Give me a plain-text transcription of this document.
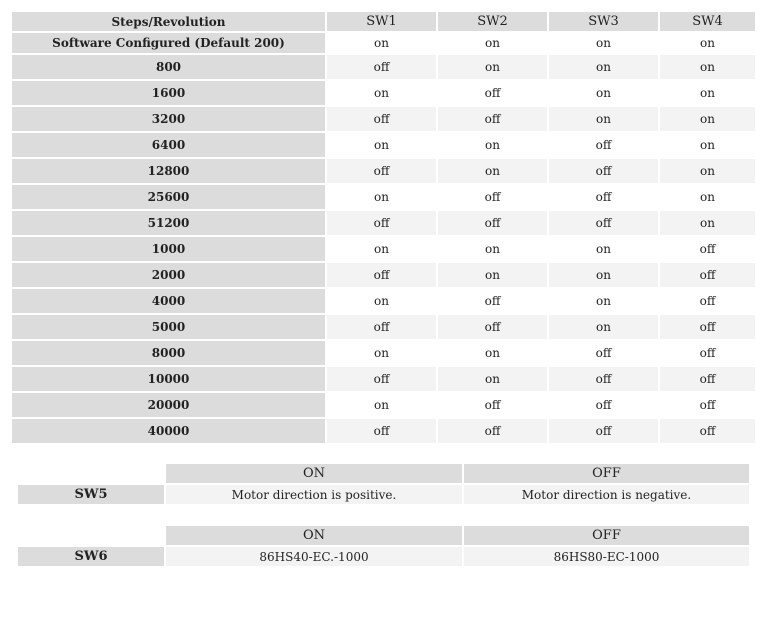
Steps/Revolution	SW1	SW2	SW3	SW4
Software Configured (Default 200)	on	on	on	on
800	off	on	on	on
1600	on	off	on	on
3200	off	off	on	on
6400	on	on	off	on
12800	off	on	off	on
25600	on	off	off	on
51200	off	off	off	on
1000	on	on	on	off
2000	off	on	on	off
4000	on	off	on	off
5000	off	off	on	off
8000	on	on	off	off
10000	off	on	off	off
20000	on	off	off	off
40000	off	off	off	off
	ON	OFF
SW5	Motor direction is positive.	Motor direction is negative.
	ON	OFF
SW6	86HS40-EC.-1000	86HS80-EC-1000
